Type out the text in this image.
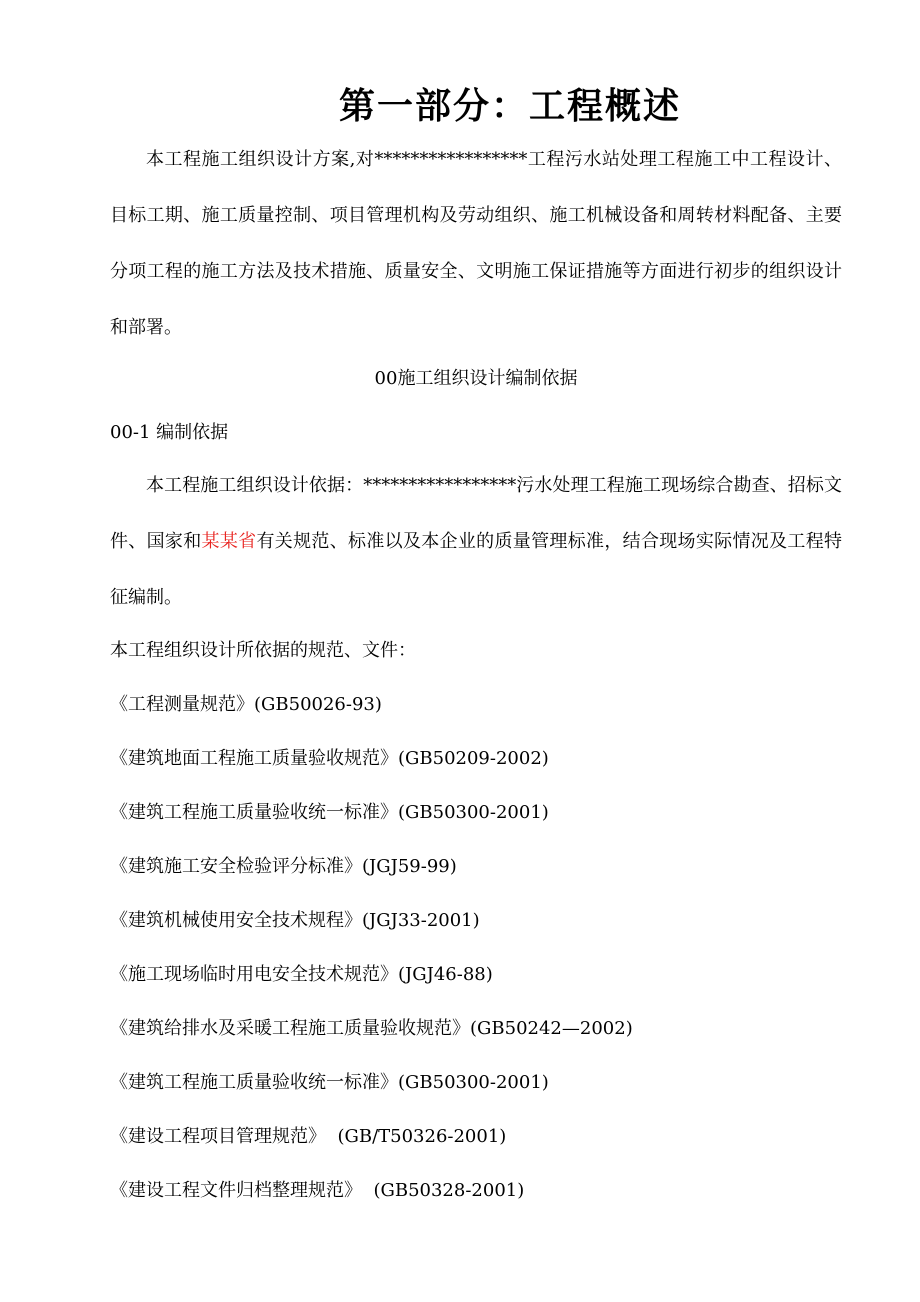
第一部分：工程概述
本工程施工组织设计方案,对*****************工程污水站处理工程施工中工程设计、目标工期、施工质量控制、项目管理机构及劳动组织、施工机械设备和周转材料配备、主要分项工程的施工方法及技术措施、质量安全、文明施工保证措施等方面进行初步的组织设计和部署。
00施工组织设计编制依据
00-1 编制依据
本工程施工组织设计依据：*****************污水处理工程施工现场综合勘查、招标文件、国家和某某省有关规范、标准以及本企业的质量管理标准，结合现场实际情况及工程特征编制。
本工程组织设计所依据的规范、文件：
《工程测量规范》(GB50026-93)
《建筑地面工程施工质量验收规范》(GB50209-2002)
《建筑工程施工质量验收统一标准》(GB50300-2001)
《建筑施工安全检验评分标准》(JGJ59-99)
《建筑机械使用安全技术规程》(JGJ33-2001)
《施工现场临时用电安全技术规范》(JGJ46-88)
《建筑给排水及采暖工程施工质量验收规范》(GB50242—2002)
《建筑工程施工质量验收统一标准》(GB50300-2001)
《建设工程项目管理规范》  (GB/T50326-2001)
《建设工程文件归档整理规范》  (GB50328-2001)
